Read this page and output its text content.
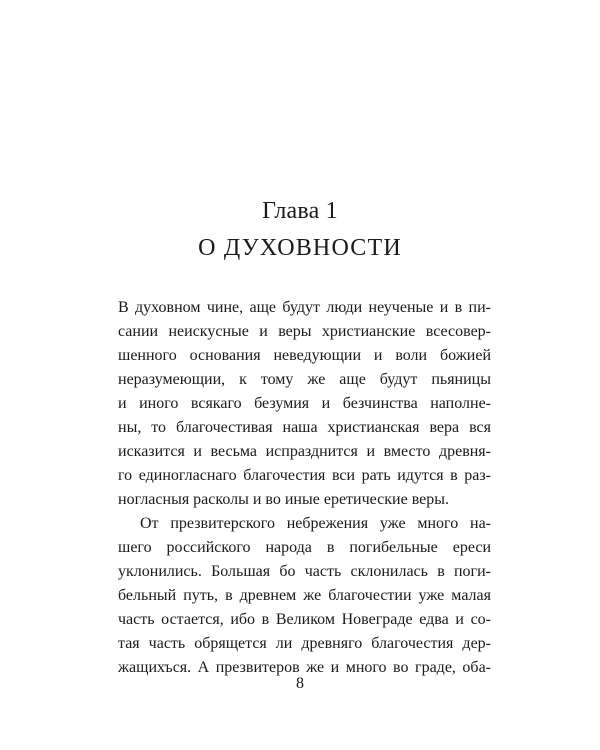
Глава 1
О ДУХОВНОСТИ
В духовном чине, аще будут люди неученые и в пи-
сании неискусные и веры христианские всесовер-
шенного основания неведующии и воли божией
неразумеющии, к тому же аще будут пьяницы
и иного всякаго безумия и безчинства наполне-
ны, то благочестивая наша христианская вера вся
исказится и весьма испразднится и вместо древня-
го единогласнаго благочестия вси рать идутся в раз-
ногласныя расколы и во иные еретические веры.
От презвитерского небрежения уже много на-
шего российского народа в погибельные ереси
уклонились. Большая бо часть склонилась в поги-
бельный путь, в древнем же благочестии уже малая
часть остается, ибо в Великом Новеграде едва и со-
тая часть обрящется ли древняго благочестия дер-
жащихъся. А презвитеров же и много во граде, оба-
8
